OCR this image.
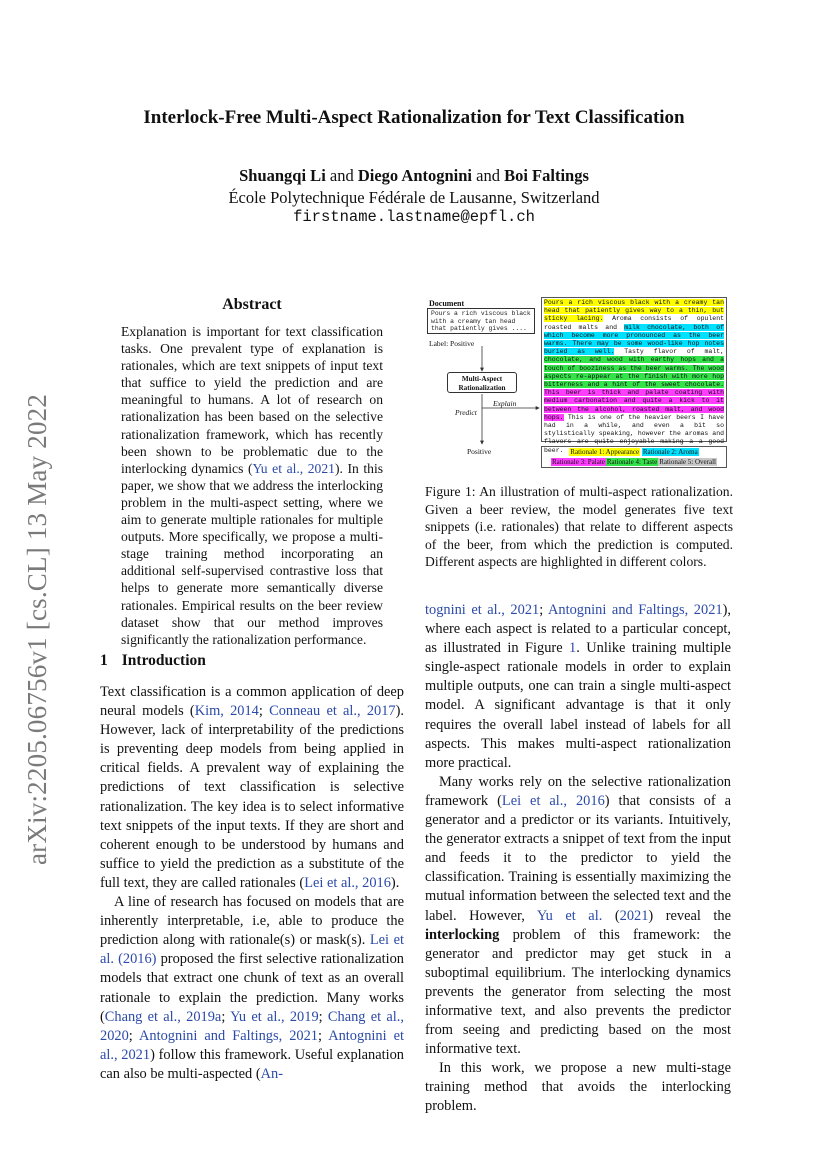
arXiv:2205.06756v1 [cs.CL] 13 May 2022
Interlock-Free Multi-Aspect Rationalization for Text Classification
Shuangqi Li and Diego Antognini and Boi Faltings
École Polytechnique Fédérale de Lausanne, Switzerland
firstname.lastname@epfl.ch
Abstract
Explanation is important for text classification tasks. One prevalent type of explanation is rationales, which are text snippets of input text that suffice to yield the prediction and are meaningful to humans. A lot of research on rationalization has been based on the selective rationalization framework, which has recently been shown to be problematic due to the interlocking dynamics (Yu et al., 2021). In this paper, we show that we address the interlocking problem in the multi-aspect setting, where we aim to generate multiple rationales for multiple outputs. More specifically, we propose a multi-stage training method incorporating an additional self-supervised contrastive loss that helps to generate more semantically diverse rationales. Empirical results on the beer review dataset show that our method improves significantly the rationalization performance.
1 Introduction

Text classification is a common application of deep neural models (Kim, 2014; Conneau et al., 2017). However, lack of interpretability of the predictions is preventing deep models from being applied in critical fields. A prevalent way of explaining the predictions of text classification is selective rationalization. The key idea is to select informative text snippets of the input texts. If they are short and coherent enough to be understood by humans and suffice to yield the prediction as a substitute of the full text, they are called rationales (Lei et al., 2016).

A line of research has focused on models that are inherently interpretable, i.e, able to produce the prediction along with rationale(s) or mask(s). Lei et al. (2016) proposed the first selective rationalization models that extract one chunk of text as an overall rationale to explain the prediction. Many works (Chang et al., 2019a; Yu et al., 2019; Chang et al., 2020; Antognini and Faltings, 2021; Antognini et al., 2021) follow this framework. Useful explanation can also be multi-aspected (An-

Document
Pours a rich viscous black with a creamy tan head that patiently gives ....
Label: Positive
Multi-Aspect
Rationalization
Explain
Predict
Positive
Pours a rich viscous black with a creamy tan head that patiently gives way to a thin, but sticky lacing. Aroma consists of opulent roasted malts and milk chocolate, both of which become more pronounced as the beer warms. There may be some wood-like hop notes buried as well. Tasty flavor of malt, chocolate, and wood with earthy hops and a touch of booziness as the beer warms. The wood aspects re-appear at the finish with more hop bitterness and a hint of the sweet chocolate. This beer is thick and palate coating with medium carbonation and quite a kick to it between the alcohol, roasted malt, and wood hops. This is one of the heavier beers I have had in a while, and even a bit so stylistically speaking, however the aromas and flavors are quite enjoyable making a a good beer. Rationale 1: Appearance Rationale 2: Aroma
Rationale 3: Palate Rationale 4: Taste Rationale 5: Overall
Figure 1: An illustration of multi-aspect rationalization. Given a beer review, the model generates five text snippets (i.e. rationales) that relate to different aspects of the beer, from which the prediction is computed. Different aspects are highlighted in different colors.

tognini et al., 2021; Antognini and Faltings, 2021), where each aspect is related to a particular concept, as illustrated in Figure 1. Unlike training multiple single-aspect rationale models in order to explain multiple outputs, one can train a single multi-aspect model. A significant advantage is that it only requires the overall label instead of labels for all aspects. This makes multi-aspect rationalization more practical.

Many works rely on the selective rationalization framework (Lei et al., 2016) that consists of a generator and a predictor or its variants. Intuitively, the generator extracts a snippet of text from the input and feeds it to the predictor to yield the classification. Training is essentially maximizing the mutual information between the selected text and the label. However, Yu et al. (2021) reveal the interlocking problem of this framework: the generator and predictor may get stuck in a suboptimal equilibrium. The interlocking dynamics prevents the generator from selecting the most informative text, and also prevents the predictor from seeing and predicting based on the most informative text.

In this work, we propose a new multi-stage training method that avoids the interlocking problem.
